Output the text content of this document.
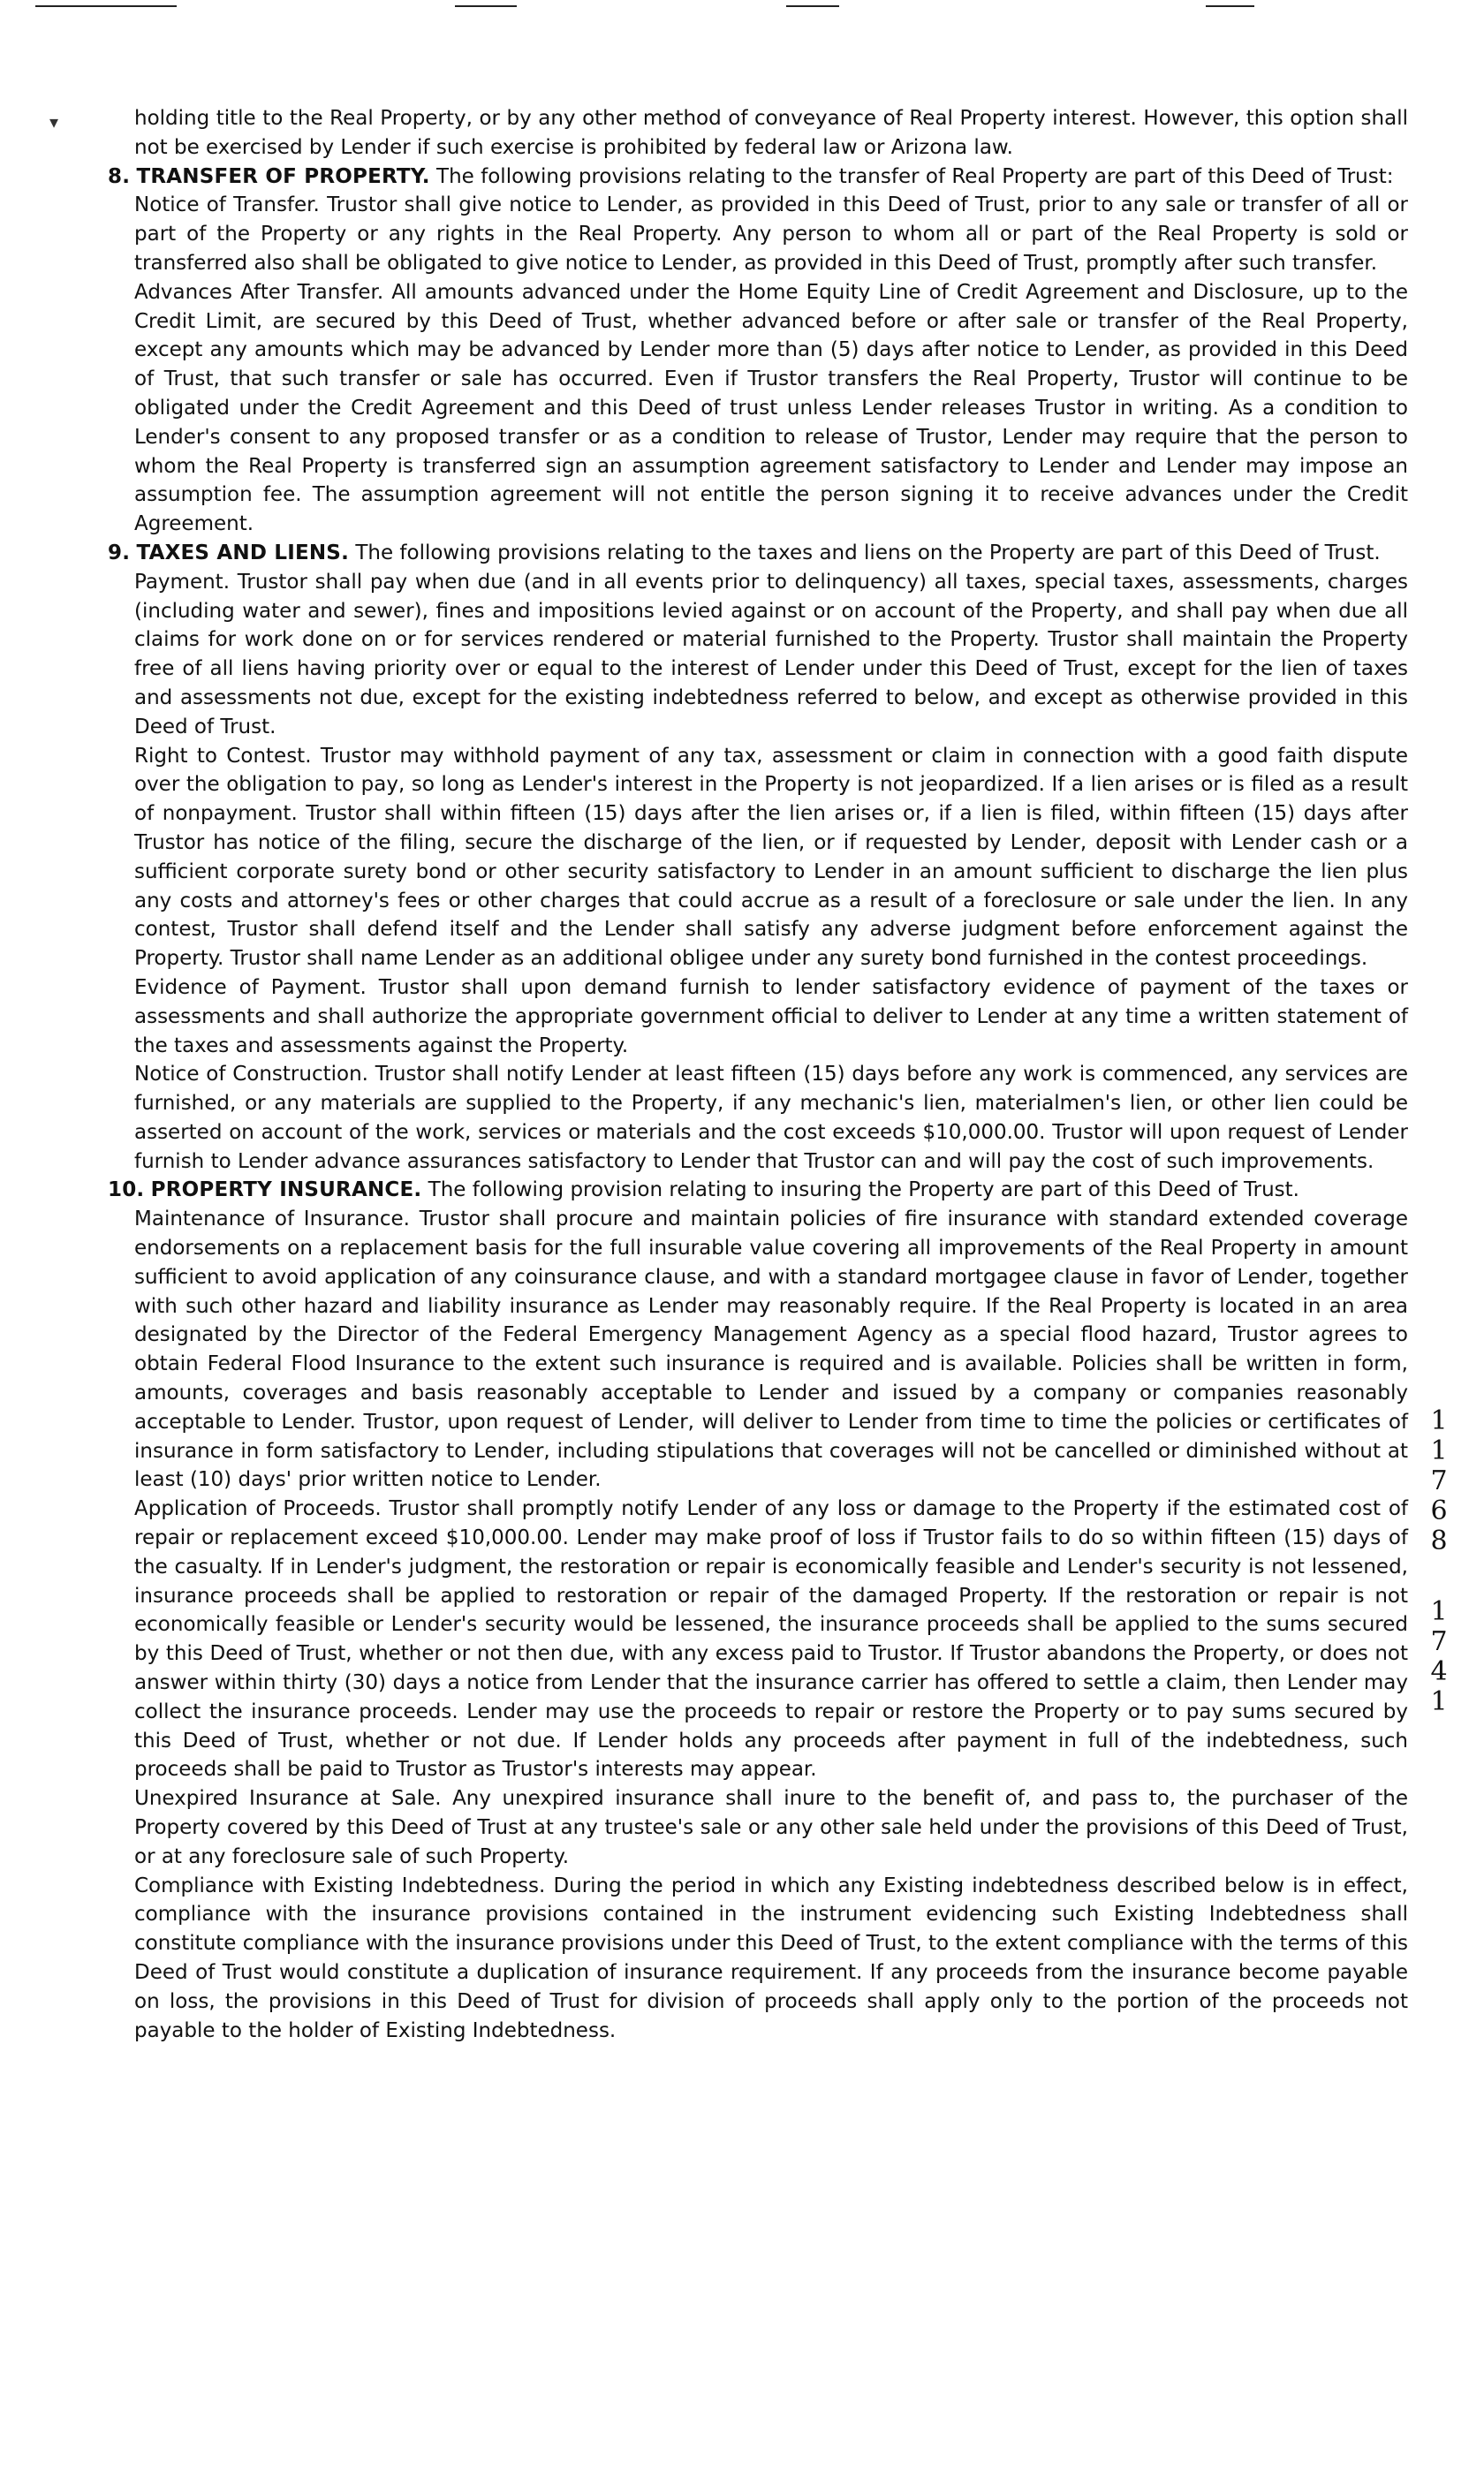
▾	holding title to the Real Property, or by any other method of conveyance of Real Property interest. However, this option shall not be exercised by Lender if such exercise is prohibited by federal law or Arizona law.

8. TRANSFER OF PROPERTY. The following provisions relating to the transfer of Real Property are part of this Deed of Trust:

Notice of Transfer. Trustor shall give notice to Lender, as provided in this Deed of Trust, prior to any sale or transfer of all or part of the Property or any rights in the Real Property. Any person to whom all or part of the Real Property is sold or transferred also shall be obligated to give notice to Lender, as provided in this Deed of Trust, promptly after such transfer.

Advances After Transfer. All amounts advanced under the Home Equity Line of Credit Agreement and Disclosure, up to the Credit Limit, are secured by this Deed of Trust, whether advanced before or after sale or transfer of the Real Property, except any amounts which may be advanced by Lender more than (5) days after notice to Lender, as provided in this Deed of Trust, that such transfer or sale has occurred. Even if Trustor transfers the Real Property, Trustor will continue to be obligated under the Credit Agreement and this Deed of trust unless Lender releases Trustor in writing. As a condition to Lender's consent to any proposed transfer or as a condition to release of Trustor, Lender may require that the person to whom the Real Property is transferred sign an assumption agreement satisfactory to Lender and Lender may impose an assumption fee. The assumption agreement will not entitle the person signing it to receive advances under the Credit Agreement.

9. TAXES AND LIENS. The following provisions relating to the taxes and liens on the Property are part of this Deed of Trust.

Payment. Trustor shall pay when due (and in all events prior to delinquency) all taxes, special taxes, assessments, charges (including water and sewer), fines and impositions levied against or on account of the Property, and shall pay when due all claims for work done on or for services rendered or material furnished to the Property. Trustor shall maintain the Property free of all liens having priority over or equal to the interest of Lender under this Deed of Trust, except for the lien of taxes and assessments not due, except for the existing indebtedness referred to below, and except as otherwise provided in this Deed of Trust.

Right to Contest. Trustor may withhold payment of any tax, assessment or claim in connection with a good faith dispute over the obligation to pay, so long as Lender's interest in the Property is not jeopardized. If a lien arises or is filed as a result of nonpayment. Trustor shall within fifteen (15) days after the lien arises or, if a lien is filed, within fifteen (15) days after Trustor has notice of the filing, secure the discharge of the lien, or if requested by Lender, deposit with Lender cash or a sufficient corporate surety bond or other security satisfactory to Lender in an amount sufficient to discharge the lien plus any costs and attorney's fees or other charges that could accrue as a result of a foreclosure or sale under the lien. In any contest, Trustor shall defend itself and the Lender shall satisfy any adverse judgment before enforcement against the Property. Trustor shall name Lender as an additional obligee under any surety bond furnished in the contest proceedings.

Evidence of Payment. Trustor shall upon demand furnish to lender satisfactory evidence of payment of the taxes or assessments and shall authorize the appropriate government official to deliver to Lender at any time a written statement of the taxes and assessments against the Property.

Notice of Construction. Trustor shall notify Lender at least fifteen (15) days before any work is commenced, any services are furnished, or any materials are supplied to the Property, if any mechanic's lien, materialmen's lien, or other lien could be asserted on account of the work, services or materials and the cost exceeds $10,000.00. Trustor will upon request of Lender furnish to Lender advance assurances satisfactory to Lender that Trustor can and will pay the cost of such improvements.

10. PROPERTY INSURANCE. The following provision relating to insuring the Property are part of this Deed of Trust.

Maintenance of Insurance. Trustor shall procure and maintain policies of fire insurance with standard extended coverage endorsements on a replacement basis for the full insurable value covering all improvements of the Real Property in amount sufficient to avoid application of any coinsurance clause, and with a standard mortgagee clause in favor of Lender, together with such other hazard and liability insurance as Lender may reasonably require. If the Real Property is located in an area designated by the Director of the Federal Emergency Management Agency as a special flood hazard, Trustor agrees to obtain Federal Flood Insurance to the extent such insurance is required and is available. Policies shall be written in form, amounts, coverages and basis reasonably acceptable to Lender and issued by a company or companies reasonably acceptable to Lender. Trustor, upon request of Lender, will deliver to Lender from time to time the policies or certificates of insurance in form satisfactory to Lender, including stipulations that coverages will not be cancelled or diminished without at least (10) days' prior written notice to Lender.

Application of Proceeds. Trustor shall promptly notify Lender of any loss or damage to the Property if the estimated cost of repair or replacement exceed $10,000.00. Lender may make proof of loss if Trustor fails to do so within fifteen (15) days of the casualty. If in Lender's judgment, the restoration or repair is economically feasible and Lender's security is not lessened, insurance proceeds shall be applied to restoration or repair of the damaged Property. If the restoration or repair is not economically feasible or Lender's security would be lessened, the insurance proceeds shall be applied to the sums secured by this Deed of Trust, whether or not then due, with any excess paid to Trustor. If Trustor abandons the Property, or does not answer within thirty (30) days a notice from Lender that the insurance carrier has offered to settle a claim, then Lender may collect the insurance proceeds. Lender may use the proceeds to repair or restore the Property or to pay sums secured by this Deed of Trust, whether or not due. If Lender holds any proceeds after payment in full of the indebtedness, such proceeds shall be paid to Trustor as Trustor's interests may appear.

Unexpired Insurance at Sale. Any unexpired insurance shall inure to the benefit of, and pass to, the purchaser of the Property covered by this Deed of Trust at any trustee's sale or any other sale held under the provisions of this Deed of Trust, or at any foreclosure sale of such Property.

Compliance with Existing Indebtedness. During the period in which any Existing indebtedness described below is in effect, compliance with the insurance provisions contained in the instrument evidencing such Existing Indebtedness shall constitute compliance with the insurance provisions under this Deed of Trust, to the extent compliance with the terms of this Deed of Trust would constitute a duplication of insurance requirement. If any proceeds from the insurance become payable on loss, the provisions in this Deed of Trust for division of proceeds shall apply only to the portion of the proceeds not payable to the holder of Existing Indebtedness.

1
1
7
6
8
1
7
4
1
